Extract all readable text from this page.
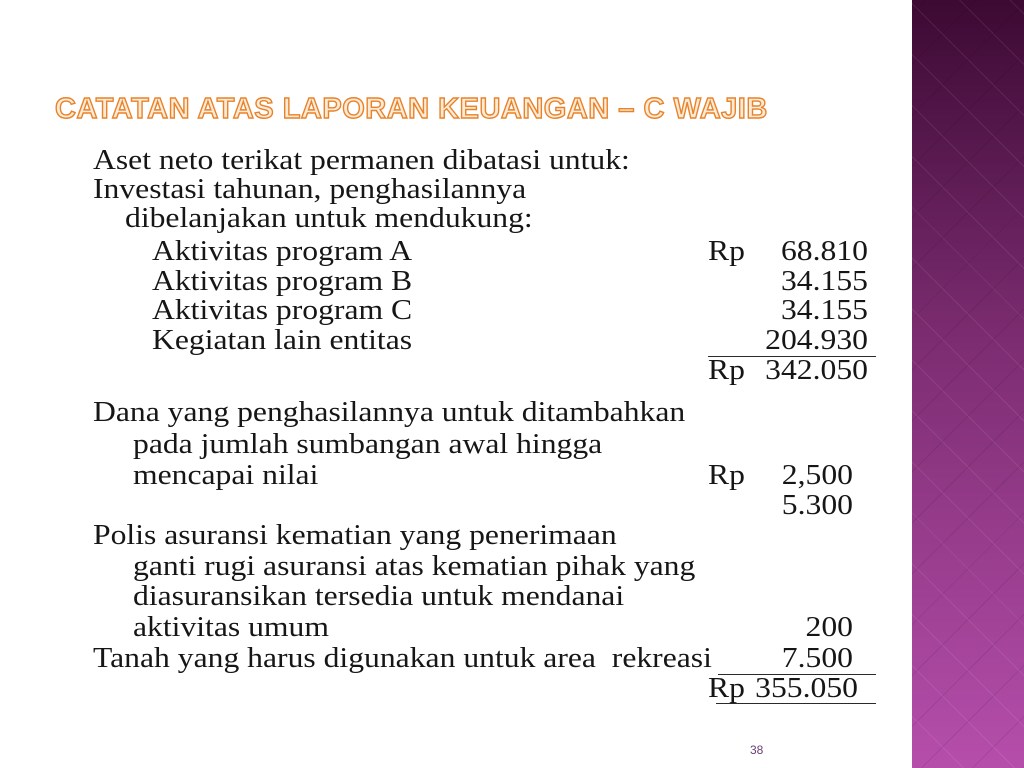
CATATAN ATAS LAPORAN KEUANGAN – C WAJIB
Aset neto terikat permanen dibatasi untuk:
Investasi tahunan, penghasilannya
dibelanjakan untuk mendukung:
Aktivitas program A	Rp 68.810
Aktivitas program B	34.155
Aktivitas program C	34.155
Kegiatan lain entitas	204.930
Rp 342.050
Dana yang penghasilannya untuk ditambahkan
pada jumlah sumbangan awal hingga
mencapai nilai	Rp 2,500
5.300
Polis asuransi kematian yang penerimaan
ganti rugi asuransi atas kematian pihak yang
diasuransikan tersedia untuk mendanai
aktivitas umum	200
Tanah yang harus digunakan untuk area  rekreasi 7.500
Rp 355.050
38
